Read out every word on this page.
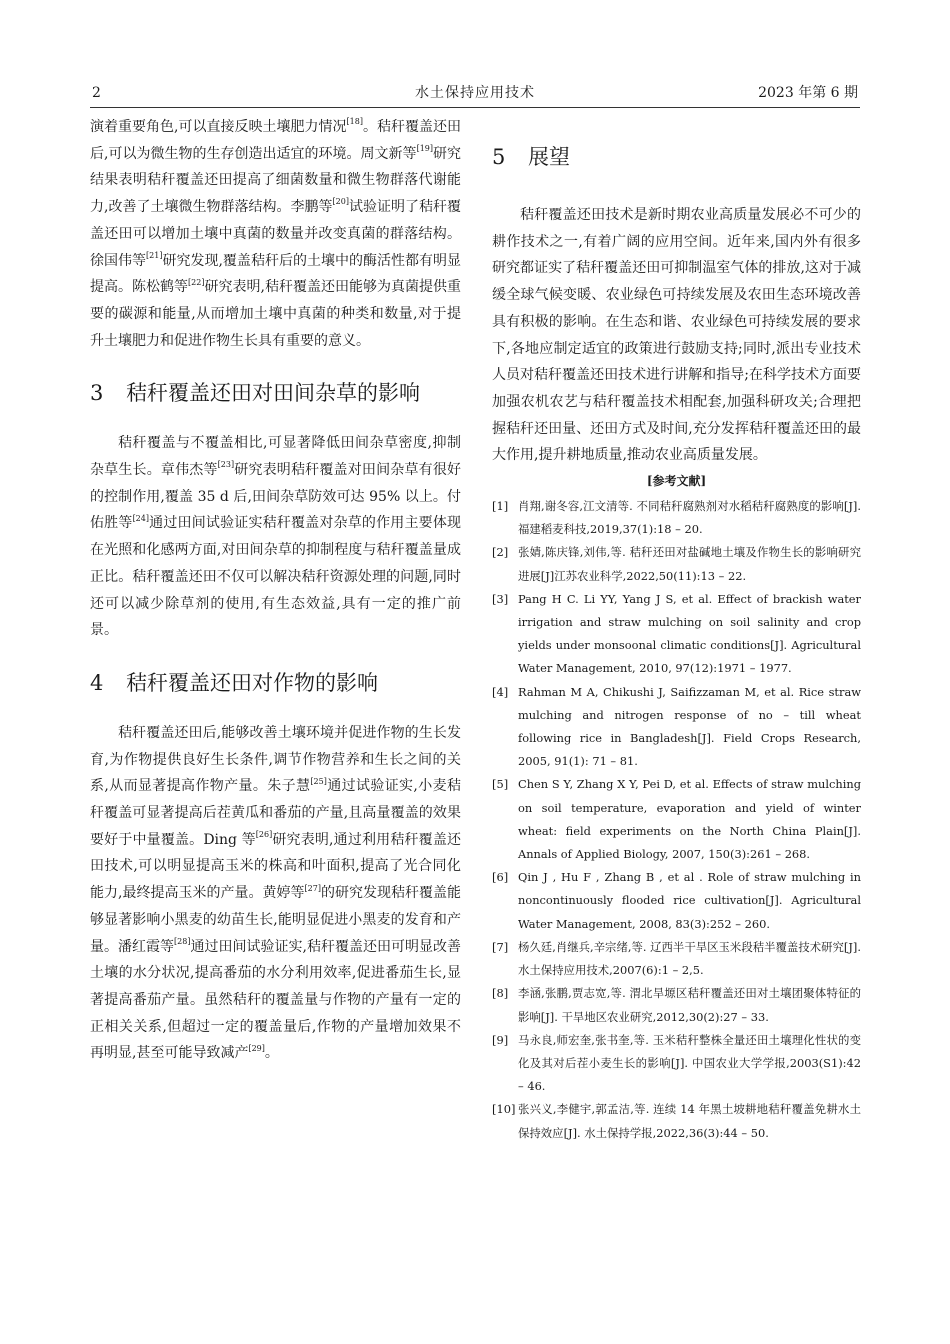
2	水土保持应用技术	2023 年第 6 期

演着重要角色,可以直接反映土壤肥力情况[18]。秸秆覆盖还田后,可以为微生物的生存创造出适宜的环境。周文新等[19]研究结果表明秸秆覆盖还田提高了细菌数量和微生物群落代谢能力,改善了土壤微生物群落结构。李鹏等[20]试验证明了秸秆覆盖还田可以增加土壤中真菌的数量并改变真菌的群落结构。徐国伟等[21]研究发现,覆盖秸秆后的土壤中的酶活性都有明显提高。陈松鹤等[22]研究表明,秸秆覆盖还田能够为真菌提供重要的碳源和能量,从而增加土壤中真菌的种类和数量,对于提升土壤肥力和促进作物生长具有重要的意义。

3	秸秆覆盖还田对田间杂草的影响

秸秆覆盖与不覆盖相比,可显著降低田间杂草密度,抑制杂草生长。章伟杰等[23]研究表明秸秆覆盖对田间杂草有很好的控制作用,覆盖 35 d 后,田间杂草防效可达 95% 以上。付佑胜等[24]通过田间试验证实秸秆覆盖对杂草的作用主要体现在光照和化感两方面,对田间杂草的抑制程度与秸秆覆盖量成正比。秸秆覆盖还田不仅可以解决秸秆资源处理的问题,同时还可以减少除草剂的使用,有生态效益,具有一定的推广前景。

4	秸秆覆盖还田对作物的影响

秸秆覆盖还田后,能够改善土壤环境并促进作物的生长发育,为作物提供良好生长条件,调节作物营养和生长之间的关系,从而显著提高作物产量。朱子慧[25]通过试验证实,小麦秸秆覆盖可显著提高后茬黄瓜和番茄的产量,且高量覆盖的效果要好于中量覆盖。Ding 等[26]研究表明,通过利用秸秆覆盖还田技术,可以明显提高玉米的株高和叶面积,提高了光合同化能力,最终提高玉米的产量。黄婷等[27]的研究发现秸秆覆盖能够显著影响小黑麦的幼苗生长,能明显促进小黑麦的发育和产量。潘红霞等[28]通过田间试验证实,秸秆覆盖还田可明显改善土壤的水分状况,提高番茄的水分利用效率,促进番茄生长,显著提高番茄产量。虽然秸秆的覆盖量与作物的产量有一定的正相关关系,但超过一定的覆盖量后,作物的产量增加效果不再明显,甚至可能导致减产[29]。

5	展望

秸秆覆盖还田技术是新时期农业高质量发展必不可少的耕作技术之一,有着广阔的应用空间。近年来,国内外有很多研究都证实了秸秆覆盖还田可抑制温室气体的排放,这对于减缓全球气候变暖、农业绿色可持续发展及农田生态环境改善具有积极的影响。在生态和谐、农业绿色可持续发展的要求下,各地应制定适宜的政策进行鼓励支持;同时,派出专业技术人员对秸秆覆盖还田技术进行讲解和指导;在科学技术方面要加强农机农艺与秸秆覆盖技术相配套,加强科研攻关;合理把握秸秆还田量、还田方式及时间,充分发挥秸秆覆盖还田的最大作用,提升耕地质量,推动农业高质量发展。

[参考文献]

[1] 肖翔,谢冬容,江文清等. 不同秸秆腐熟剂对水稻秸秆腐熟度的影响[J]. 福建稻麦科技,2019,37(1):18 – 20.
[2] 张婧,陈庆锋,刘伟,等. 秸秆还田对盐碱地土壤及作物生长的影响研究进展[J]江苏农业科学,2022,50(11):13 – 22.
[3] Pang H C. Li YY, Yang J S, et al. Effect of brackish water irrigation and straw mulching on soil salinity and crop yields under monsoonal climatic conditions[J]. Agricultural Water Management, 2010, 97(12):1971 – 1977.
[4] Rahman M A, Chikushi J, Saifizzaman M, et al. Rice straw mulching and nitrogen response of no – till wheat following rice in Bangladesh[J]. Field Crops Research, 2005, 91(1): 71 – 81.
[5] Chen S Y, Zhang X Y, Pei D, et al. Effects of straw mulching on soil temperature, evaporation and yield of winter wheat: field experiments on the North China Plain[J]. Annals of Applied Biology, 2007, 150(3):261 – 268.
[6] Qin J , Hu F , Zhang B , et al . Role of straw mulching in noncontinuously flooded rice cultivation[J]. Agricultural Water Management, 2008, 83(3):252 – 260.
[7] 杨久廷,肖继兵,辛宗绪,等. 辽西半干旱区玉米段秸半覆盖技术研究[J]. 水土保持应用技术,2007(6):1 – 2,5.
[8] 李涵,张鹏,贾志宽,等. 渭北旱塬区秸秆覆盖还田对土壤团聚体特征的影响[J]. 干旱地区农业研究,2012,30(2):27 – 33.
[9] 马永良,师宏奎,张书奎,等. 玉米秸秆整株全量还田土壤理化性状的变化及其对后茬小麦生长的影响[J]. 中国农业大学学报,2003(S1):42 – 46.
[10] 张兴义,李健宇,郭孟洁,等. 连续 14 年黑土坡耕地秸秆覆盖免耕水土保持效应[J]. 水土保持学报,2022,36(3):44 – 50.
